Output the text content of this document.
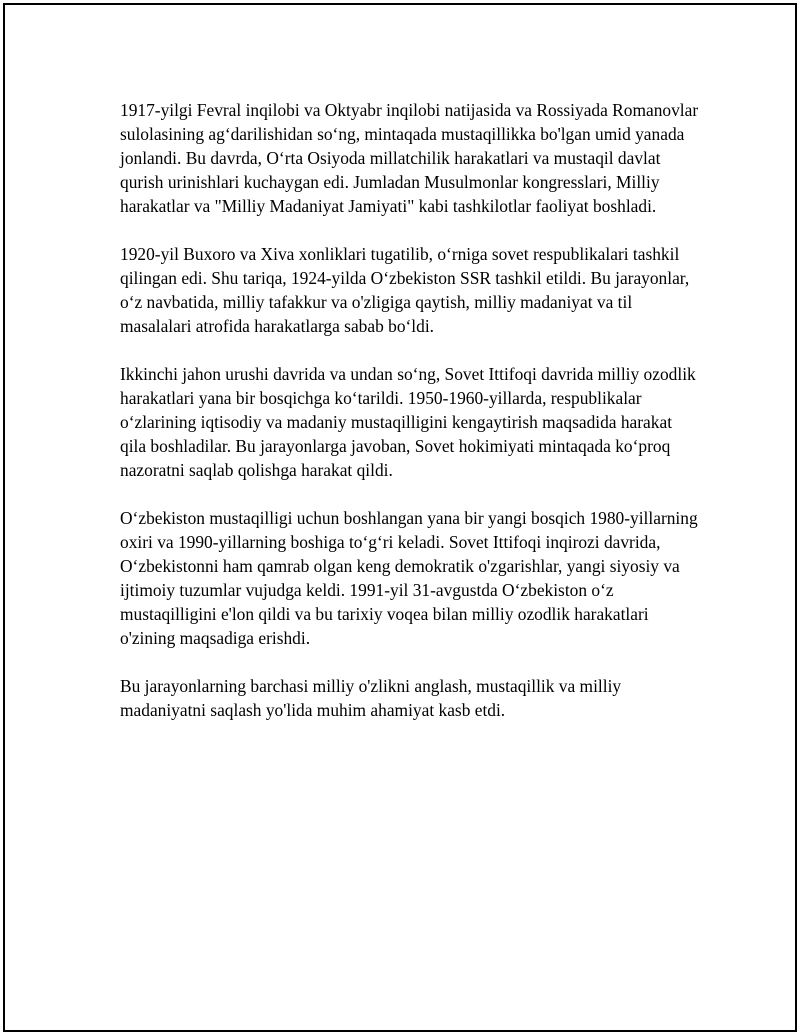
1917-yilgi Fevral inqilobi va Oktyabr inqilobi natijasida va Rossiyada Romanovlar sulolasining ag‘darilishidan so‘ng, mintaqada mustaqillikka bo'lgan umid yanada jonlandi. Bu davrda, O‘rta Osiyoda millatchilik harakatlari va mustaqil davlat qurish urinishlari kuchaygan edi. Jumladan Musulmonlar kongresslari, Milliy harakatlar va "Milliy Madaniyat Jamiyati" kabi tashkilotlar faoliyat boshladi.

1920-yil Buxoro va Xiva xonliklari tugatilib, o‘rniga sovet respublikalari tashkil qilingan edi. Shu tariqa, 1924-yilda O‘zbekiston SSR tashkil etildi. Bu jarayonlar, o‘z navbatida, milliy tafakkur va o'zligiga qaytish, milliy madaniyat va til masalalari atrofida harakatlarga sabab bo‘ldi.

Ikkinchi jahon urushi davrida va undan so‘ng, Sovet Ittifoqi davrida milliy ozodlik harakatlari yana bir bosqichga ko‘tarildi. 1950-1960-yillarda, respublikalar o‘zlarining iqtisodiy va madaniy mustaqilligini kengaytirish maqsadida harakat qila boshladilar. Bu jarayonlarga javoban, Sovet hokimiyati mintaqada ko‘proq nazoratni saqlab qolishga harakat qildi.

O‘zbekiston mustaqilligi uchun boshlangan yana bir yangi bosqich 1980-yillarning oxiri va 1990-yillarning boshiga to‘g‘ri keladi. Sovet Ittifoqi inqirozi davrida, O‘zbekistonni ham qamrab olgan keng demokratik o'zgarishlar, yangi siyosiy va ijtimoiy tuzumlar vujudga keldi. 1991-yil 31-avgustda O‘zbekiston o‘z mustaqilligini e'lon qildi va bu tarixiy voqea bilan milliy ozodlik harakatlari o'zining maqsadiga erishdi.

Bu jarayonlarning barchasi milliy o'zlikni anglash, mustaqillik va milliy madaniyatni saqlash yo'lida muhim ahamiyat kasb etdi.
